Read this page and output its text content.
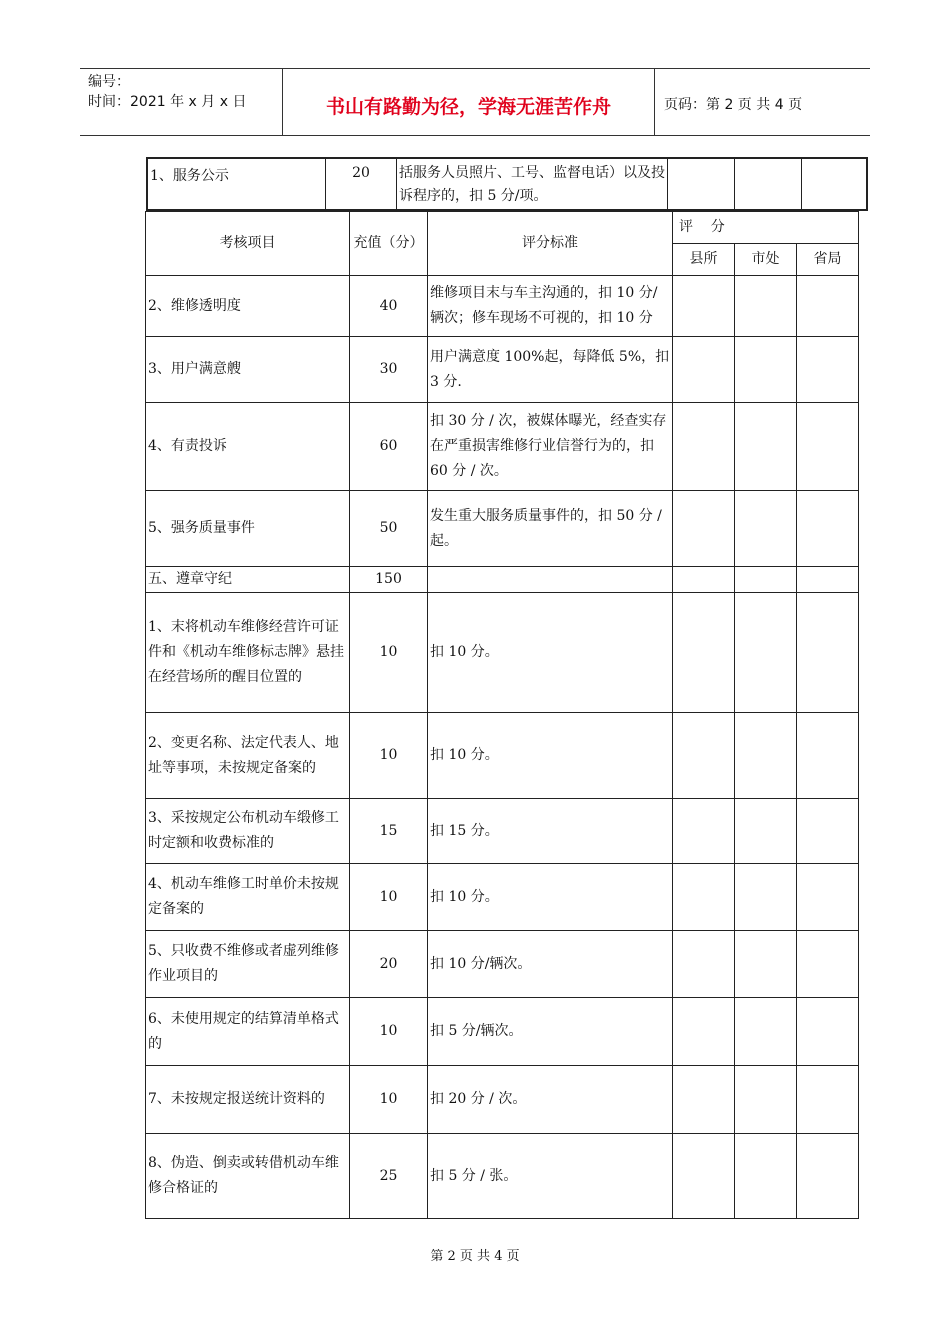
编号：
时间：2021 年 x 月 x 日	书山有路勤为径，学海无涯苦作舟	页码：第 2 页 共 4 页
1、服务公示	20	括服务人员照片、工号、监督电话）以及投诉程序的，扣 5 分/项。
考核项目	充值（分）	评分标准	评    分		
			县所	市处	省局
2、维修透明度	40	维修项目末与车主沟通的，扣 10 分/辆次；修车现场不可视的，扣 10 分			
3、用户满意艘	30	用户满意度 100%起，每降低 5%，扣 3 分.			
4、有责投诉	60	扣 30 分 / 次，被媒体曝光，经查实存在严重损害维修行业信誉行为的，扣 60 分 / 次。			
5、强务质量事件	50	发生重大服务质量事件的，扣 50 分 / 起。			
五、遵章守纪	150				
1、末将机动车维修经营许可证件和《机动车维修标志牌》悬挂在经营场所的醒目位置的	10	扣 10 分。			
2、变更名称、法定代表人、地址等事项，未按规定备案的	10	扣 10 分。			
3、采按规定公布机动车缎修工时定额和收费标准的	15	扣 15 分。			
4、机动车维修工时单价未按规定备案的	10	扣 10 分。			
5、只收费不维修或者虚列维修作业项目的	20	扣 10 分/辆次。			
6、未使用规定的结算清单格式的	10	扣 5 分/辆次。			
7、未按规定报送统计资料的	10	扣 20 分 / 次。			
8、伪造、倒卖或转借机动车维修合格证的	25	扣 5 分 / 张。			
第 2 页 共 4 页
